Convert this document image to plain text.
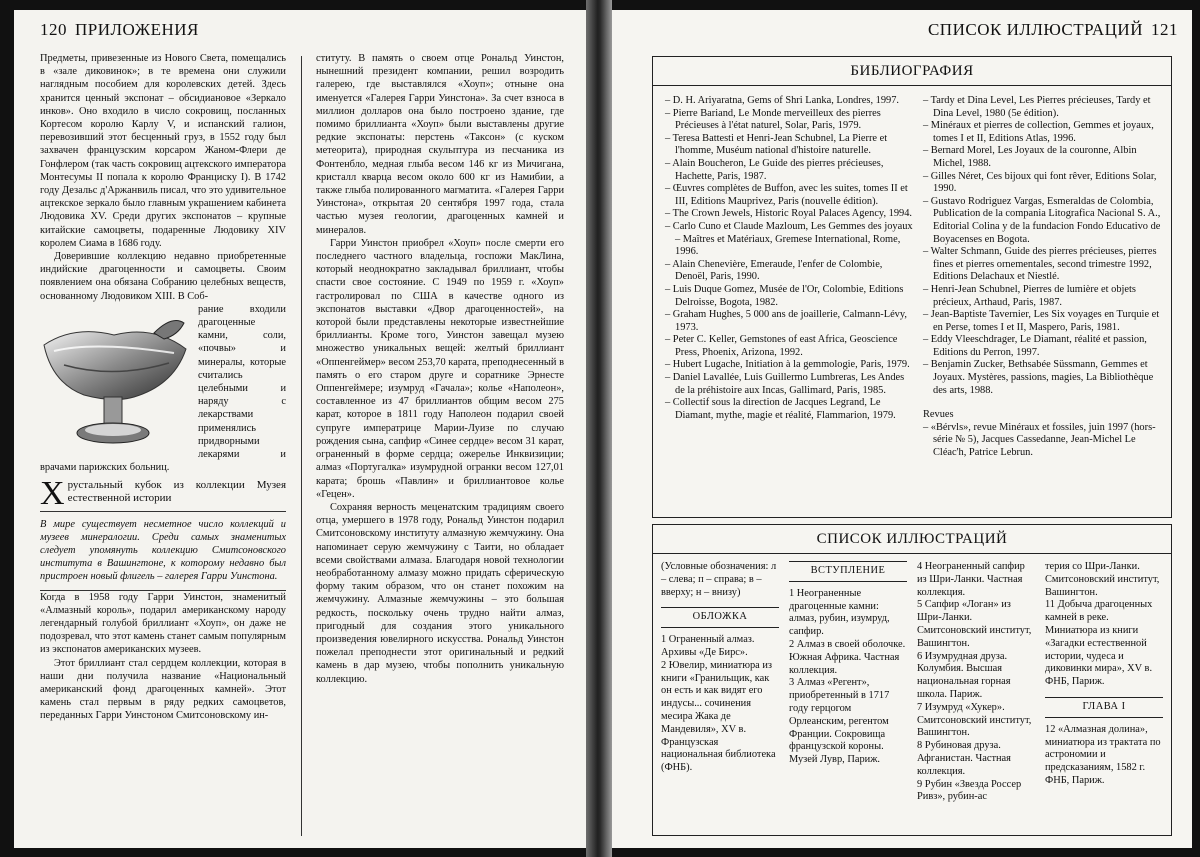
120 ПРИЛОЖЕНИЯ

Предметы, привезенные из Нового Света, помещались в «зале диковинок»; в те времена они служили наглядным пособием для королевских детей. Здесь хранится ценный экспонат – обсидиановое «Зеркало инков». Оно входило в число сокровищ, посланных Кортесом королю Карлу V, и испанский галион, перевозивший этот бесценный груз, в 1552 году был захвачен французским корсаром Жаном-Флери де Гонфлером (так часть сокровищ ацтекского императора Монтесумы II попала к королю Франциску I). В 1742 году Дезальс д'Аржанвиль писал, что это удивительное ацтекское зеркало было главным украшением кабинета Людовика XV. Среди других экспонатов – крупные китайские самоцветы, подаренные Людовику XIV королем Сиама в 1686 году.

Доверившие коллекцию недавно приобретенные индийские драгоценности и самоцветы. Своим появлением она обязана Собранию целебных веществ, основанному Людовиком XIII. В Соб-

рание входили драгоценные камни, соли, «почвы» и минералы, которые считались целебными и наряду с лекарствами применялись придворными лекарями и врачами парижских больниц.

Хрустальный кубок из коллекции Музея естественной истории

В мире существует несметное число коллекций и музеев минералогии. Среди самых знаменитых следует упомянуть коллекцию Смитсоновского института в Вашингтоне, к которому недавно был пристроен новый флигель – галерея Гарри Уинстона.

Когда в 1958 году Гарри Уинстон, знаменитый «Алмазный король», подарил американскому народу легендарный голубой бриллиант «Хоуп», он даже не подозревал, что этот камень станет самым популярным из экспонатов американских музеев.

Этот бриллиант стал сердцем коллекции, которая в наши дни получила название «Национальный американский фонд драгоценных камней». Этот камень стал первым в ряду редких самоцветов, переданных Гарри Уинстоном Смитсоновскому ин-

ституту. В память о своем отце Рональд Уинстон, нынешний президент компании, решил возродить галерею, где выставлялся «Хоуп»; отныне она именуется «Галерея Гарри Уинстона». За счет взноса в миллион долларов она было построено здание, где помимо бриллианта «Хоуп» были выставлены другие редкие экспонаты: перстень «Таксон» (с куском метеорита), природная скульптура из песчаника из Фонтенбло, медная глыба весом 146 кг из Мичигана, кристалл кварца весом около 600 кг из Намибии, а также глыба полированного магматита. «Галерея Гарри Уинстона», открытая 20 сентября 1997 года, стала частью музея геологии, драгоценных камней и минералов.

Гарри Уинстон приобрел «Хоуп» после смерти его последнего частного владельца, госпожи МакЛина, который неоднократно закладывал бриллиант, чтобы спасти свое состояние. С 1949 по 1959 г. «Хоуп» гастролировал по США в качестве одного из экспонатов выставки «Двор драгоценностей», на которой были представлены некоторые известнейшие бриллианты. Кроме того, Уинстон завещал музею множество уникальных вещей: желтый бриллиант «Оппенгеймер» весом 253,70 карата, преподнесенный в память о его старом друге и соратнике Эрнесте Оппенгеймере; изумруд «Гачала»; колье «Наполеон», составленное из 47 бриллиантов общим весом 275 карат, которое в 1811 году Наполеон подарил своей супруге императрице Марии-Луизе по случаю рождения сына, сапфир «Синее сердце» весом 31 карат, ограненный в форме сердца; ожерелье Инквизиции; алмаз «Португалка» изумрудной огранки весом 127,01 карата; брошь «Павлин» и бриллиантовое колье «Гецен».

Сохраняя верность меценатским традициям своего отца, умершего в 1978 году, Рональд Уинстон подарил Смитсоновскому институту алмазную жемчужину. Она напоминает серую жемчужину с Таити, но обладает всеми свойствами алмаза. Благодаря новой технологии необработанному алмазу можно придать сферическую форму таким образом, что он станет похожим на жемчужину. Алмазные жемчужины – это большая редкость, поскольку очень трудно найти алмаз, пригодный для создания этого уникального произведения ювелирного искусства. Рональд Уинстон пожелал преподнести этот оригинальный и редкий камень в дар музею, чтобы пополнить уникальную коллекцию.

СПИСОК ИЛЛЮСТРАЦИЙ 121
БИБЛИОГРАФИЯ
– D. H. Ariyaratna, Gems of Shri Lanka, Londres, 1997.
– Pierre Bariand, Le Monde merveilleux des pierres Précieuses à l'état naturel, Solar, Paris, 1979.
– Teresa Battesti et Henri-Jean Schubnel, La Pierre et l'homme, Muséum national d'histoire naturelle.
– Alain Boucheron, Le Guide des pierres précieuses, Hachette, Paris, 1987.
– Œuvres complètes de Buffon, avec les suites, tomes II et III, Editions Mauprivez, Paris (nouvelle édition).
– The Crown Jewels, Historic Royal Palaces Agency, 1994.
– Carlo Cuno et Claude Mazloum, Les Gemmes des joyaux – Maîtres et Matériaux, Gremese International, Rome, 1996.
– Alain Chenevière, Emeraude, l'enfer de Colombie, Denoël, Paris, 1990.
– Luis Duque Gomez, Musée de l'Or, Colombie, Editions Delroisse, Bogota, 1982.
– Graham Hughes, 5 000 ans de joaillerie, Calmann-Lévy, 1973.
– Peter C. Keller, Gemstones of east Africa, Geoscience Press, Phoenix, Arizona, 1992.
– Hubert Lugache, Initiation à la gemmologie, Paris, 1979.
– Daniel Lavallée, Luis Guillermo Lumbreras, Les Andes de la préhistoire aux Incas, Gallimard, Paris, 1985.
– Collectif sous la direction de Jacques Legrand, Le Diamant, mythe, magie et réalité, Flammarion, 1979.
– Tardy et Dina Level, Les Pierres précieuses, Tardy et Dina Level, 1980 (5e édition).
– Minéraux et pierres de collection, Gemmes et joyaux, tomes I et II, Editions Atlas, 1996.
– Bernard Morel, Les Joyaux de la couronne, Albin Michel, 1988.
– Gilles Néret, Ces bijoux qui font rêver, Editions Solar, 1990.
– Gustavo Rodriguez Vargas, Esmeraldas de Colombia, Publication de la compania Litografica Nacional S. A., Editorial Colina y de la fundacion Fondo Educativo de Boyacenses en Bogota.
– Walter Schmann, Guide des pierres précieuses, pierres fines et pierres ornementales, second trimestre 1992, Editions Delachaux et Niestlé.
– Henri-Jean Schubnel, Pierres de lumière et objets précieux, Arthaud, Paris, 1987.
– Jean-Baptiste Tavernier, Les Six voyages en Turquie et en Perse, tomes I et II, Maspero, Paris, 1981.
– Eddy Vleeschdrager, Le Diamant, réalité et passion, Editions du Perron, 1997.
– Benjamin Zucker, Bethsabée Süssmann, Gemmes et Joyaux. Mystères, passions, magies, La Bibliothèque des arts, 1988.
Revues
– «Bérvls», revue Minéraux et fossiles, juin 1997 (hors-série № 5), Jacques Cassedanne, Jean-Michel Le Cléac'h, Patrice Lebrun.
СПИСОК ИЛЛЮСТРАЦИЙ
(Условные обозначения: л – слева; п – справа; в – вверху; н – внизу)
ОБЛОЖКА
1 Ограненный алмаз. Архивы «Де Бирс».
2 Ювелир, миниатюра из книги «Гранильщик, как он есть и как видят его индусы... сочинения месира Жака де Мандевиля», XV в. Французская национальная библиотека (ФНБ).
ВСТУПЛЕНИЕ
1 Неограненные драгоценные камни: алмаз, рубин, изумруд, сапфир.
2 Алмаз в своей оболочке. Южная Африка. Частная коллекция.
3 Алмаз «Регент», приобретенный в 1717 году герцогом Орлеанским, регентом Франции. Сокровища французской короны. Музей Лувр, Париж.
4 Неограненный сапфир из Шри-Ланки. Частная коллекция.
5 Сапфир «Логан» из Шри-Ланки. Смитсоновский институт, Вашингтон.
6 Изумрудная друза. Колумбия. Высшая национальная горная школа. Париж.
7 Изумруд «Хукер». Смитсоновский институт, Вашингтон.
8 Рубиновая друза. Афганистан. Частная коллекция.
9 Рубин «Звезда Россер Ривз», рубин-ас
терия со Шри-Ланки. Смитсоновский институт, Вашингтон.
11 Добыча драгоценных камней в реке. Миниатюра из книги «Загадки естественной истории, чудеса и диковинки мира», XV в. ФНБ, Париж.
ГЛАВА I
12 «Алмазная долина», миниатюра из трактата по астрономии и предсказаниям, 1582 г. ФНБ, Париж.
